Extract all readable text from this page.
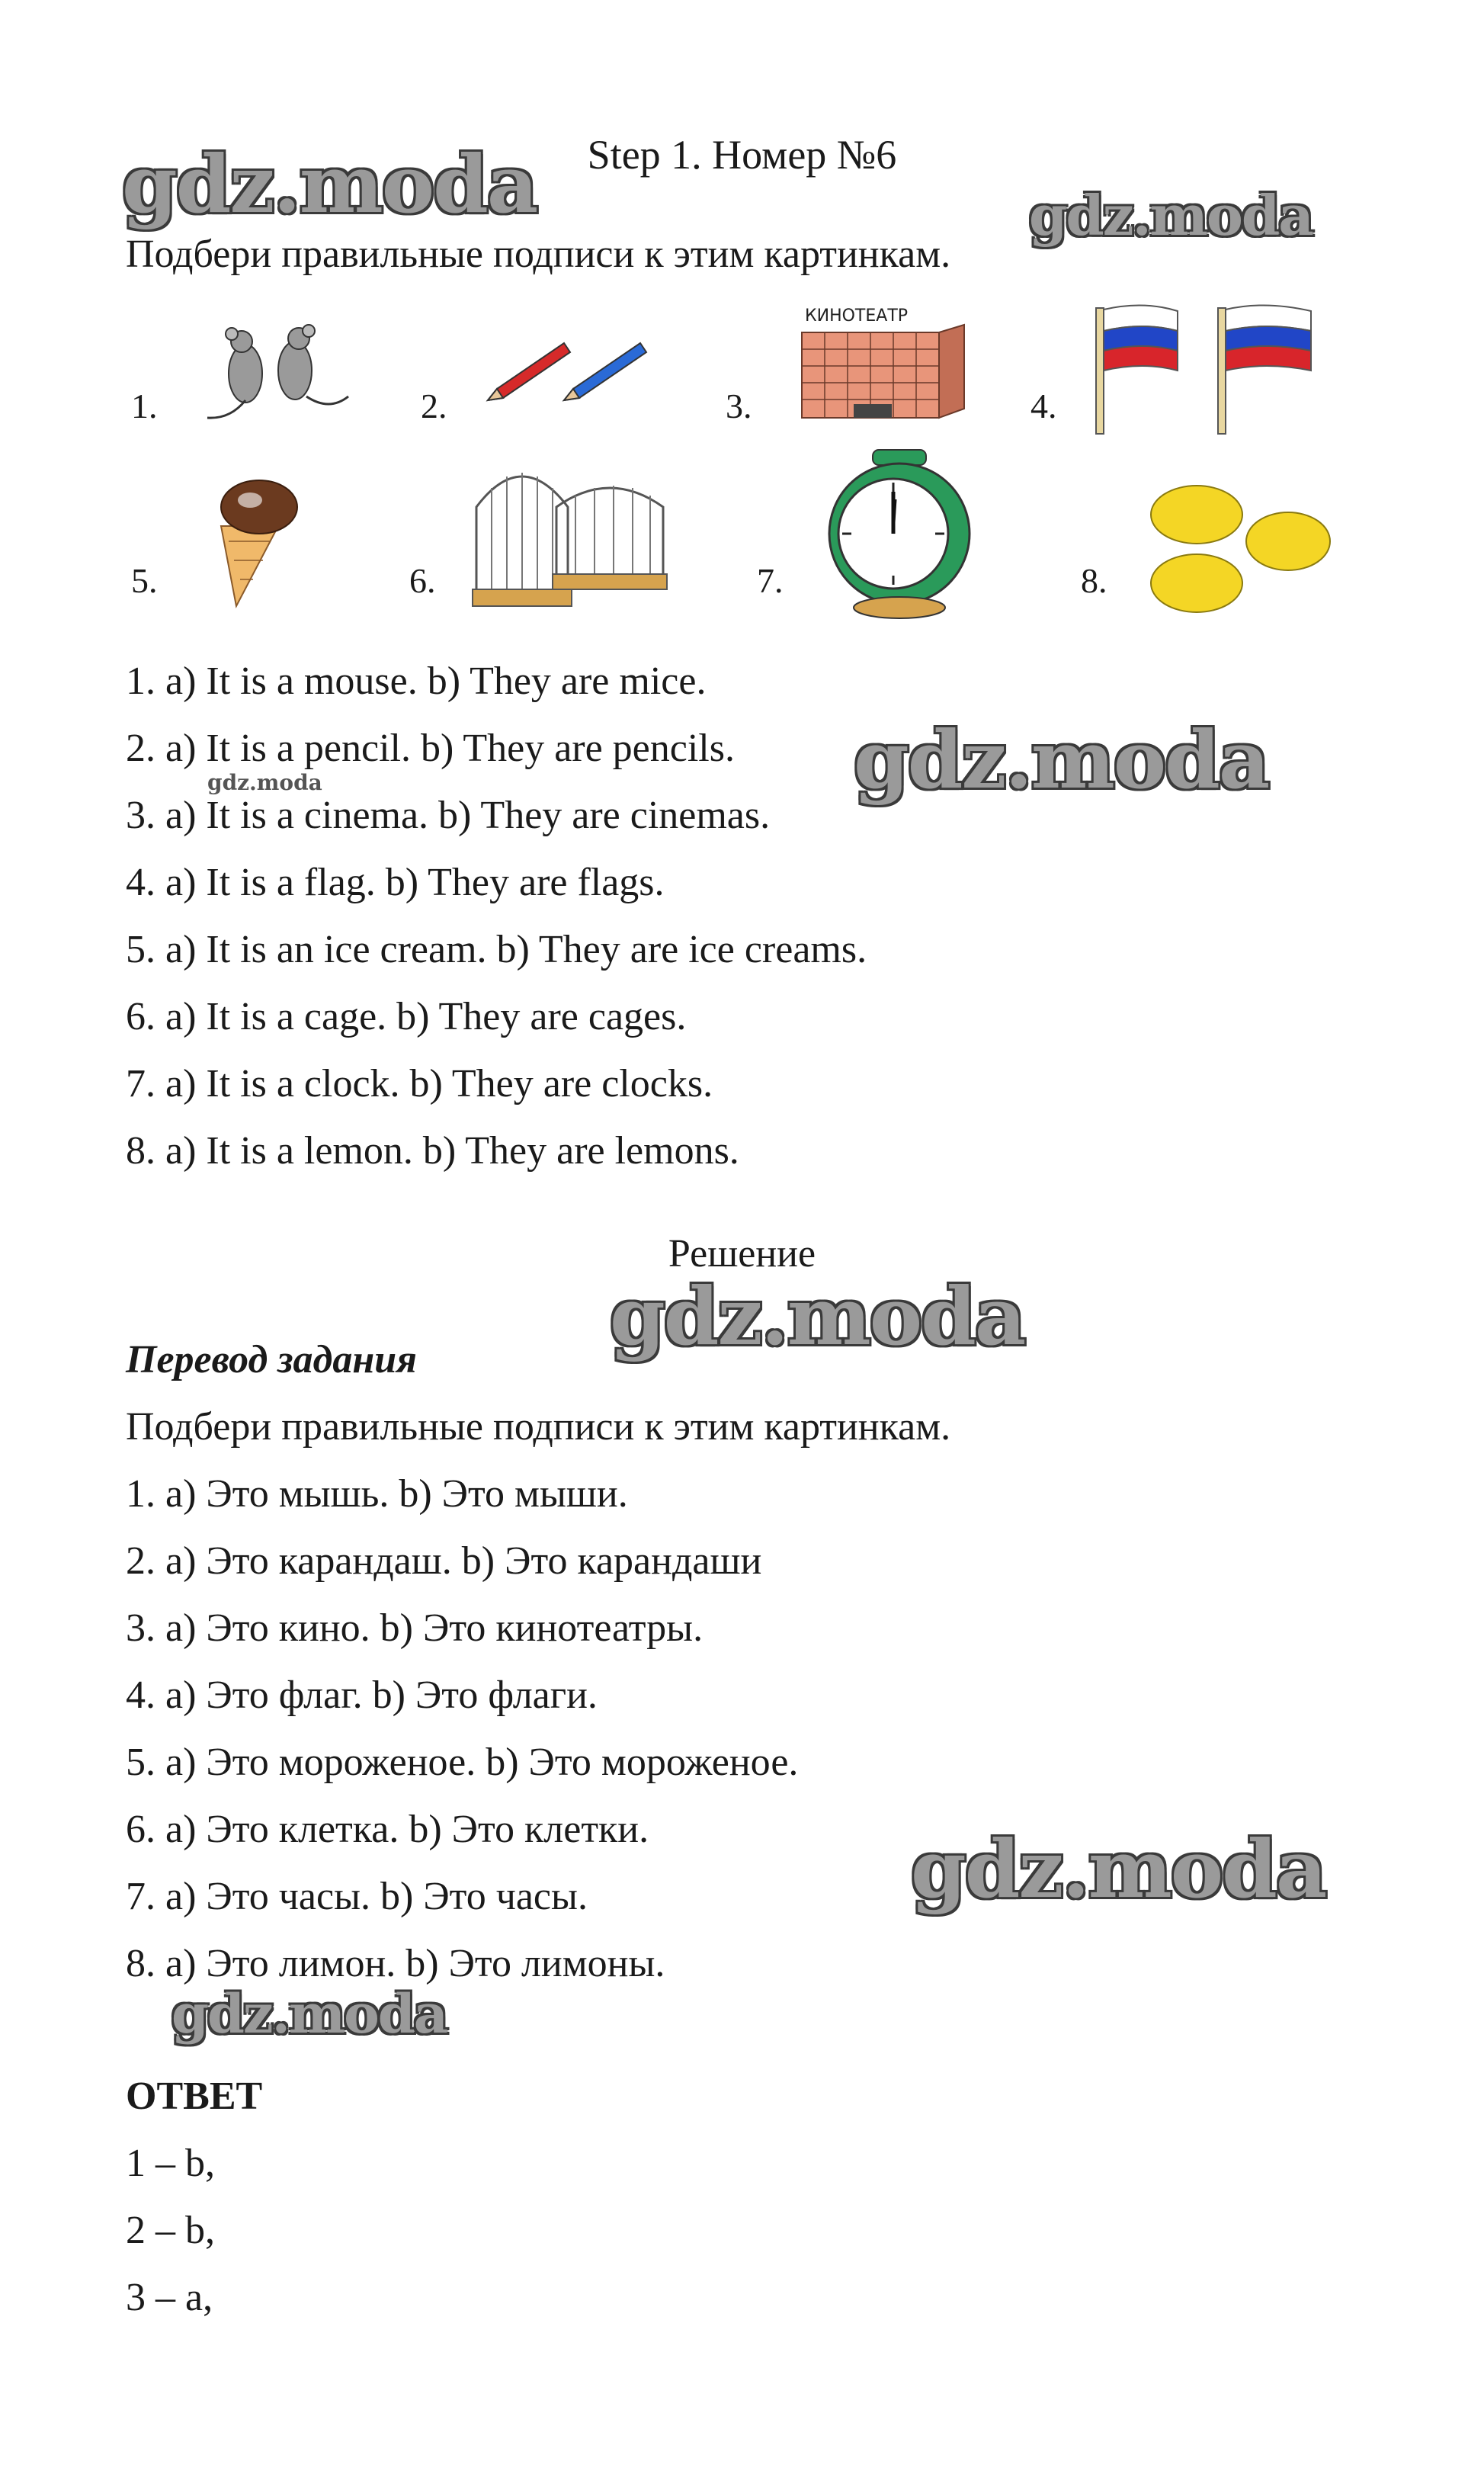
Step 1. Номер №6
Подбери правильные подписи к этим картинкам.
1.	2.	3.
КИНОТЕАТР
4.
5.	6.	7.	8.
1. a) It is a mouse. b) They are mice.
2. a) It is a pencil. b) They are pencils.
3. a) It is a cinema. b) They are cinemas.
4. a) It is a flag. b) They are flags.
5. a) It is an ice cream. b) They are ice creams.
6. a) It is a cage. b) They are cages.
7. a) It is a clock. b) They are clocks.
8. a) It is a lemon. b) They are lemons.
Решение
Перевод задания
Подбери правильные подписи к этим картинкам.
1. a) Это мышь. b) Это мыши.
2. a) Это карандаш. b) Это карандаши
3. a) Это кино. b) Это кинотеатры.
4. a) Это флаг. b) Это флаги.
5. a) Это мороженое. b) Это мороженое.
6. a) Это клетка. b) Это клетки.
7. a) Это часы. b) Это часы.
8. a) Это лимон. b) Это лимоны.
ОТВЕТ
1 – b,
2 – b,
3 – a,
gdz.moda	gdz.moda
gdz.moda	gdz.moda
gdz.moda
gdz.moda
gdz.moda
